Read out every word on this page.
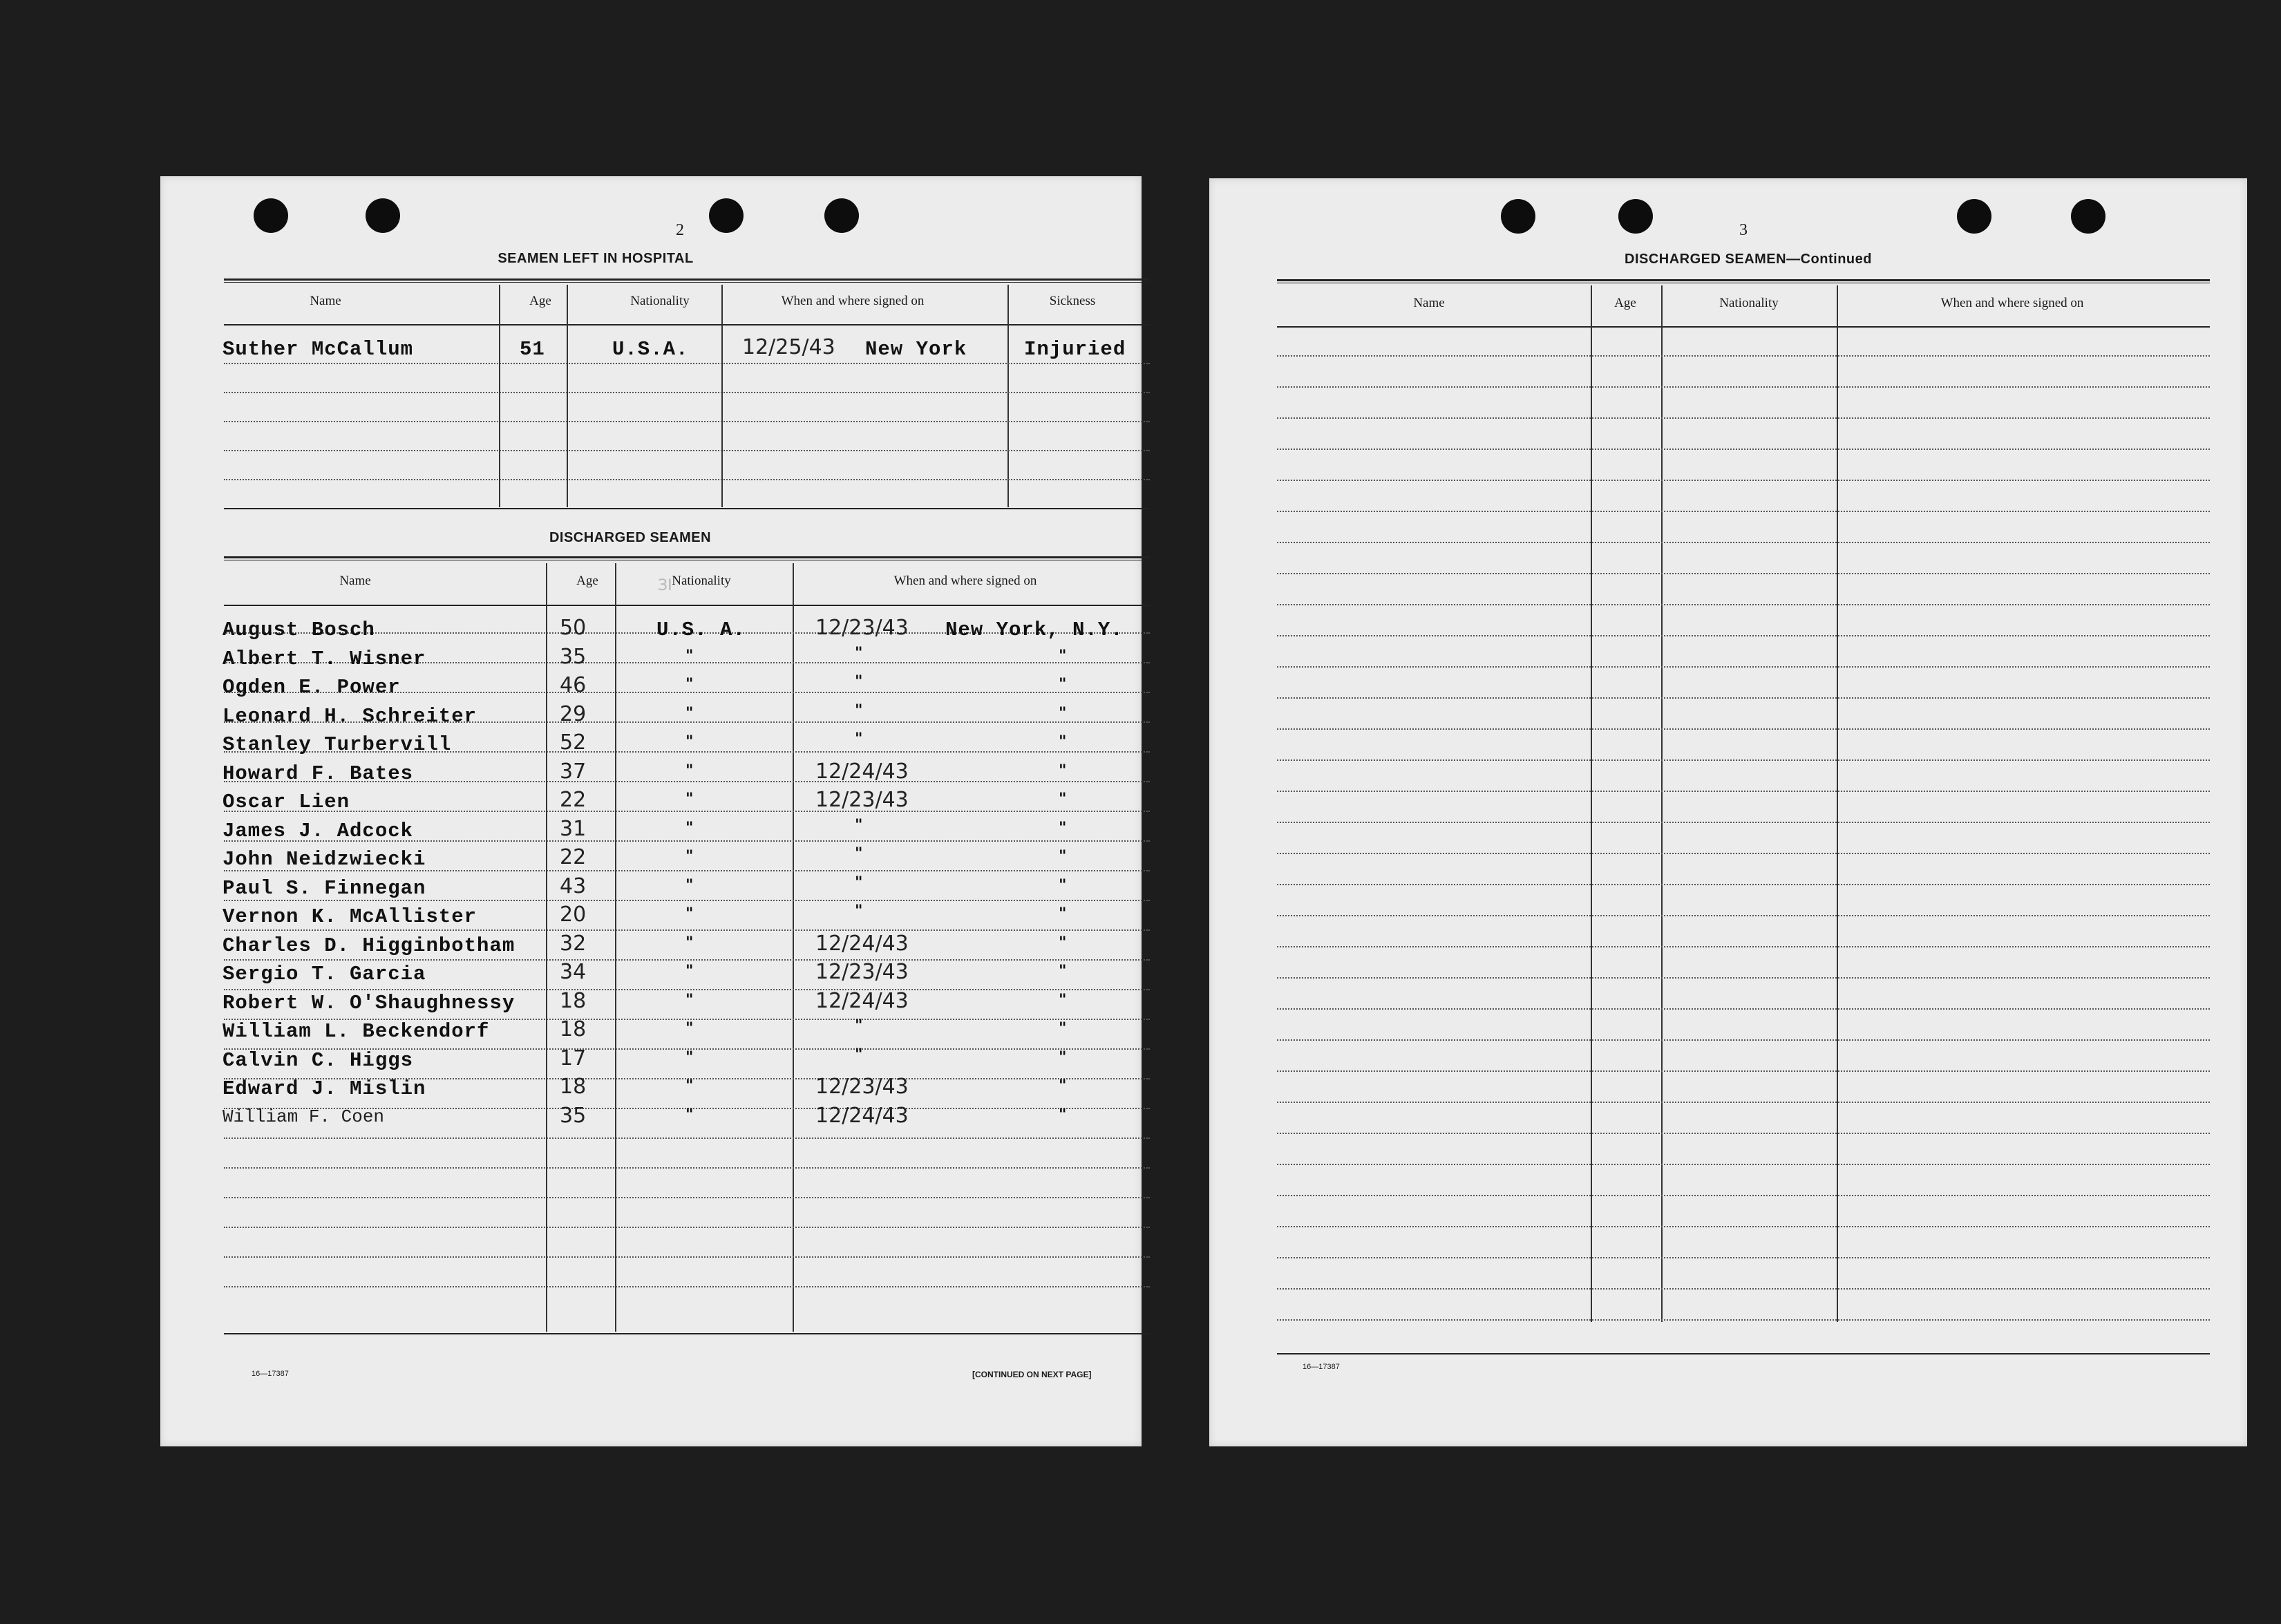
2
SEAMEN LEFT IN HOSPITAL
Name	Age	Nationality	When and where signed on	Sickness
Suther McCallum	51	U.S.A.	12/25/43 New York	Injuried
DISCHARGED SEAMEN
Name	Age	Nationality	When and where signed on
August Bosch	50	U.S. A.	12/23/43 New York, N.Y.
Albert T. Wisner	35	"	"	"
Ogden E. Power	46	"	"	"
Leonard H. Schreiter	29	"	"	"
Stanley Turbervill	52	"	"	"
Howard F. Bates	37	"	12/24/43	"
Oscar Lien	22	"	12/23/43	"
James J. Adcock	31	"	"	"
John Neidzwiecki	22	"	"	"
Paul S. Finnegan	43	"	"	"
Vernon K. McAllister	20	"	"	"
Charles D. Higginbotham 32	"	12/24/43	"
Sergio T. Garcia	34	"	12/23/43	"
Robert W. O'Shaughnessy 18	"	12/24/43	"
William L. Beckendorf	18	"	"	"
Calvin C. Higgs	17	"	"	"
Edward J. Mislin	18	"	12/23/43	"
William F. Coen	35	"	12/24/43	"
16—17387	[CONTINUED ON NEXT PAGE]
ЗI
3
DISCHARGED SEAMEN—Continued
Name	Age	Nationality	When and where signed on
16—17387
